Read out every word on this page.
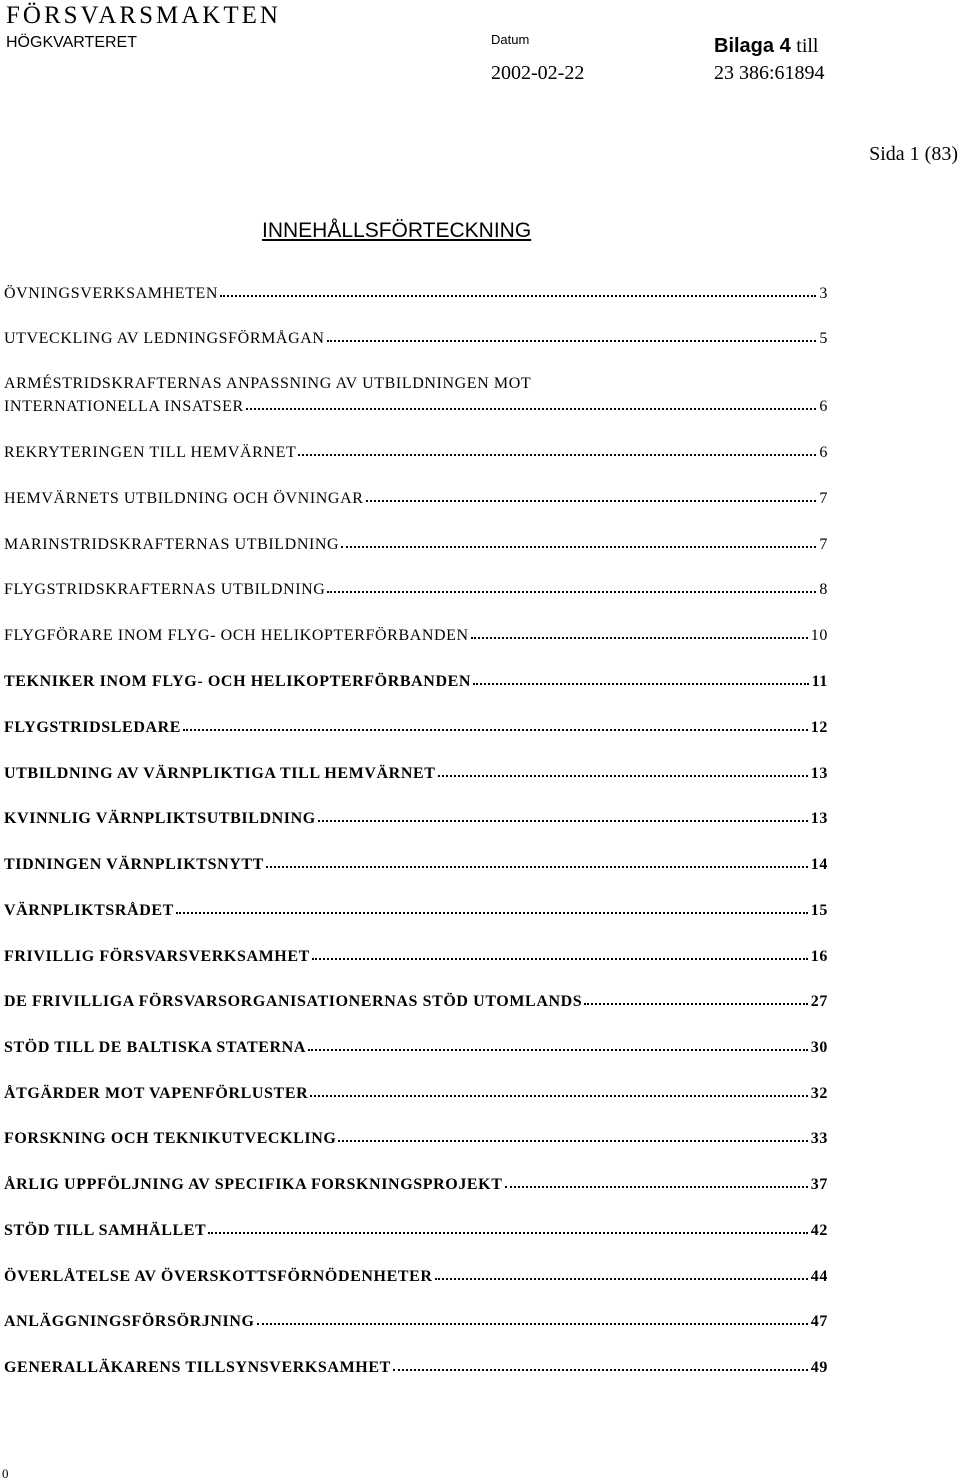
FÖRSVARSMAKTEN
HÖGKVARTERET	Datum
2002-02-22
Bilaga 4 till
23 386:61894
Sida 1 (83)
INNEHÅLLSFÖRTECKNING
ÖVNINGSVERKSAMHETEN	3
UTVECKLING AV LEDNINGSFÖRMÅGAN	5
ARMÉSTRIDSKRAFTERNAS ANPASSNING AV UTBILDNINGEN MOT
INTERNATIONELLA INSATSER	6
REKRYTERINGEN TILL HEMVÄRNET	6
HEMVÄRNETS UTBILDNING OCH ÖVNINGAR	7
MARINSTRIDSKRAFTERNAS UTBILDNING	7
FLYGSTRIDSKRAFTERNAS UTBILDNING	8
FLYGFÖRARE INOM FLYG- OCH HELIKOPTERFÖRBANDEN	10
TEKNIKER INOM FLYG- OCH HELIKOPTERFÖRBANDEN	11
FLYGSTRIDSLEDARE	12
UTBILDNING AV VÄRNPLIKTIGA TILL HEMVÄRNET	13
KVINNLIG VÄRNPLIKTSUTBILDNING	13
TIDNINGEN VÄRNPLIKTSNYTT	14
VÄRNPLIKTSRÅDET	15
FRIVILLIG FÖRSVARSVERKSAMHET	16
DE FRIVILLIGA FÖRSVARSORGANISATIONERNAS STÖD UTOMLANDS	27
STÖD TILL DE BALTISKA STATERNA	30
ÅTGÄRDER MOT VAPENFÖRLUSTER	32
FORSKNING OCH TEKNIKUTVECKLING	33
ÅRLIG UPPFÖLJNING AV SPECIFIKA FORSKNINGSPROJEKT	37
STÖD TILL SAMHÄLLET	42
ÖVERLÅTELSE AV ÖVERSKOTTSFÖRNÖDENHETER	44
ANLÄGGNINGSFÖRSÖRJNING	47
GENERALLÄKARENS TILLSYNSVERKSAMHET	49
0
